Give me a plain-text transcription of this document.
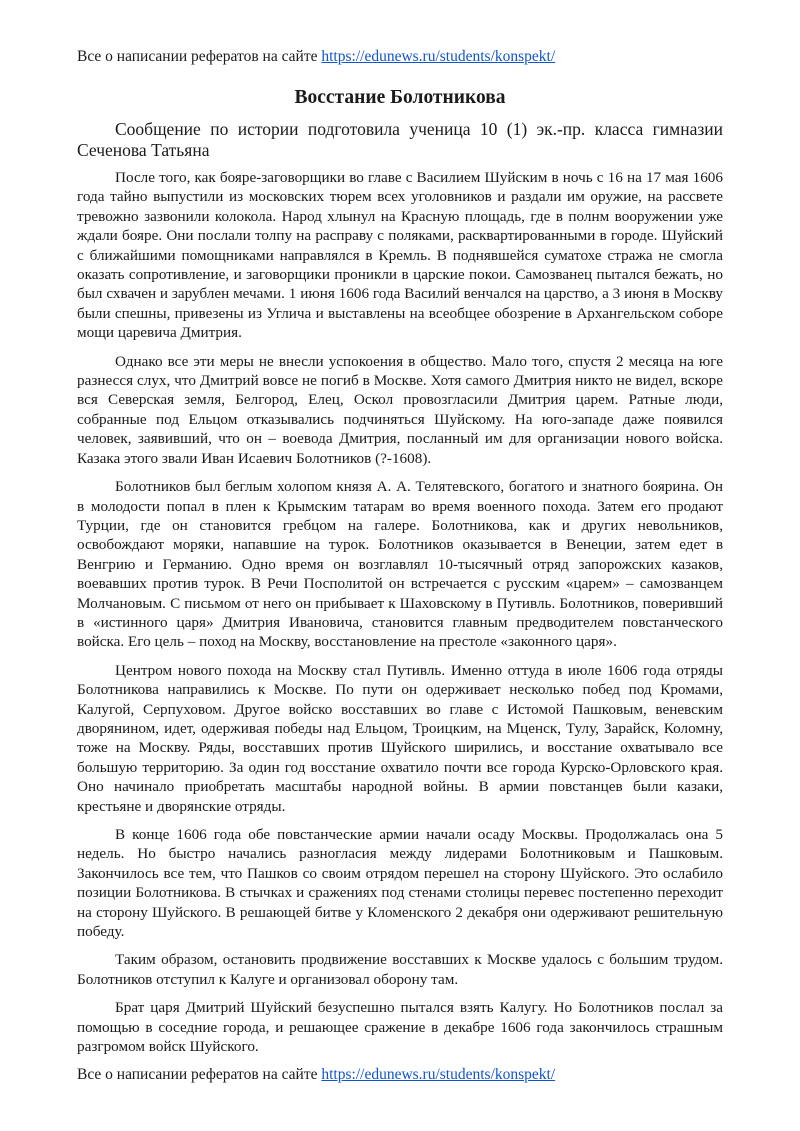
Все о написании рефератов на сайте https://edunews.ru/students/konspekt/
Восстание Болотникова
Сообщение по истории подготовила ученица 10 (1) эк.-пр. класса гимназии Сеченова Татьяна

После того, как бояре-заговорщики во главе с Василием Шуйским в ночь с 16 на 17 мая 1606 года тайно выпустили из московских тюрем всех уголовников и раздали им оружие, на рассвете тревожно зазвонили колокола. Народ хлынул на Красную площадь, где в полнм вооружении уже ждали бояре. Они послали толпу на расправу с поляками, расквартированными в городе. Шуйский с ближайшими помощниками направлялся в Кремль. В поднявшейся суматохе стража не смогла оказать сопротивление, и заговорщики проникли в царские покои. Самозванец пытался бежать, но был схвачен и зарублен мечами. 1 июня 1606 года Василий венчался на царство, а 3 июня в Москву были спешны, привезены из Углича и выставлены на всеобщее обозрение в Архангельском соборе мощи царевича Дмитрия.

Однако все эти меры не внесли успокоения в общество. Мало того, спустя 2 месяца на юге разнесся слух, что Дмитрий вовсе не погиб в Москве. Хотя самого Дмитрия никто не видел, вскоре вся Северская земля, Белгород, Елец, Оскол провозгласили Дмитрия царем. Ратные люди, собранные под Ельцом отказывались подчиняться Шуйскому. На юго-западе даже появился человек, заявивший, что он – воевода Дмитрия, посланный им для организации нового войска. Казака этого звали Иван Исаевич Болотников (?-1608).

Болотников был беглым холопом князя А. А. Телятевского, богатого и знатного боярина. Он в молодости попал в плен к Крымским татарам во время военного похода. Затем его продают Турции, где он становится гребцом на галере. Болотникова, как и других невольников, освобождают моряки, напавшие на турок. Болотников оказывается в Венеции, затем едет в Венгрию и Германию. Одно время он возглавлял 10-тысячный отряд запорожских казаков, воевавших против турок. В Речи Посполитой он встречается с русским «царем» – самозванцем Молчановым. С письмом от него он прибывает к Шаховскому в Путивль. Болотников, поверивший в «истинного царя» Дмитрия Ивановича, становится главным предводителем повстанческого войска. Его цель – поход на Москву, восстановление на престоле «законного царя».

Центром нового похода на Москву стал Путивль. Именно оттуда в июле 1606 года отряды Болотникова направились к Москве. По пути он одерживает несколько побед под Кромами, Калугой, Серпуховом. Другое войско восставших во главе с Истомой Пашковым, веневским дворянином, идет, одерживая победы над Ельцом, Троицким, на Мценск, Тулу, Зарайск, Коломну, тоже на Москву. Ряды, восставших против Шуйского ширились, и восстание охватывало все большую территорию. За один год восстание охватило почти все города Курско-Орловского края. Оно начинало приобретать масштабы народной войны. В армии повстанцев были казаки, крестьяне и дворянские отряды.

В конце 1606 года обе повстанческие армии начали осаду Москвы. Продолжалась она 5 недель. Но быстро начались разногласия между лидерами Болотниковым и Пашковым. Закончилось все тем, что Пашков со своим отрядом перешел на сторону Шуйского. Это ослабило позиции Болотникова. В стычках и сражениях под стенами столицы перевес постепенно переходит на сторону Шуйского. В решающей битве у Кломенского 2 декабря они одерживают решительную победу.

Таким образом, остановить продвижение восставших к Москве удалось с большим трудом. Болотников отступил к Калуге и организовал оборону там.

Брат царя Дмитрий Шуйский безуспешно пытался взять Калугу. Но Болотников послал за помощью в соседние города, и решающее сражение в декабре 1606 года закончилось страшным разгромом войск Шуйского.

Все о написании рефератов на сайте https://edunews.ru/students/konspekt/
